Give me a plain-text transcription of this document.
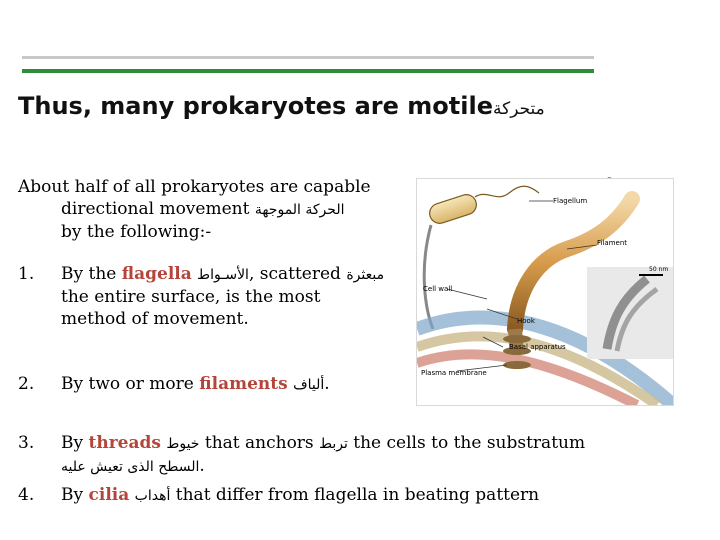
Thus, many prokaryotes are motileمتحركة
About half of all prokaryotes are capable
directional movement الحركة الموجهة
by the following:-
Flagellum
Filament
50 nm
Cell wall
Hook
Basal apparatus
Plasma membrane
1.	By the flagella الأسـواط, scattered مبعثرة
the entire surface, is the most
method of movement.
2.	By two or more filaments ألياف.
3.	By threads خيوط that anchors تربط the cells to the substratum
السطح الذى تعيش عليه.
4.	By cilia أهداب that differ from flagella in beating pattern
